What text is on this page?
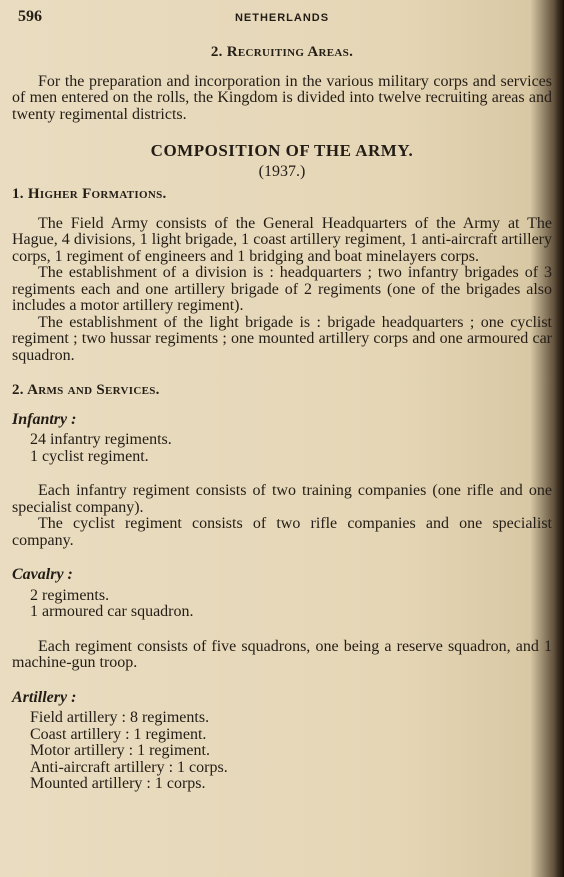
596	NETHERLANDS
2. Recruiting Areas.

For the preparation and incorporation in the various military corps and services of men entered on the rolls, the Kingdom is divided into twelve recruiting areas and twenty regimental districts.

COMPOSITION OF THE ARMY.
(1937.)
1. Higher Formations.

The Field Army consists of the General Headquarters of the Army at The Hague, 4 divisions, 1 light brigade, 1 coast artillery regiment, 1 anti-aircraft artillery corps, 1 regiment of engineers and 1 bridging and boat minelayers corps.

The establishment of a division is : headquarters ; two infantry brigades of 3 regiments each and one artillery brigade of 2 regiments (one of the brigades also includes a motor artillery regiment).

The establishment of the light brigade is : brigade headquarters ; one cyclist regiment ; two hussar regiments ; one mounted artillery corps and one armoured car squadron.

2. Arms and Services.
Infantry :
24 infantry regiments.
1 cyclist regiment.

Each infantry regiment consists of two training companies (one rifle and one specialist company).

The cyclist regiment consists of two rifle companies and one specialist company.

Cavalry :
2 regiments.
1 armoured car squadron.

Each regiment consists of five squadrons, one being a reserve squadron, and 1 machine-gun troop.

Artillery :
Field artillery : 8 regiments.
Coast artillery : 1 regiment.
Motor artillery : 1 regiment.
Anti-aircraft artillery : 1 corps.
Mounted artillery : 1 corps.
